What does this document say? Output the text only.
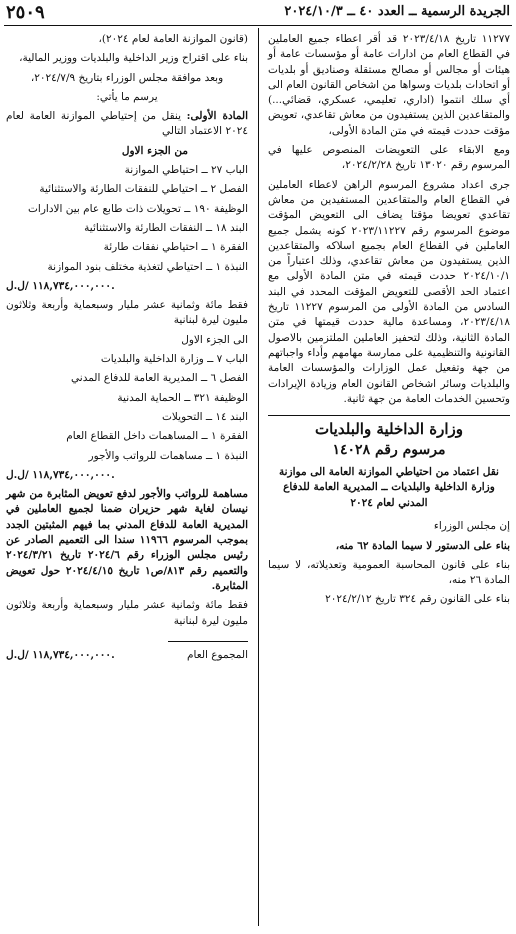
الجريدة الرسمية ــ العدد ٤٠ ــ ٢٠٢٤/١٠/٣
٢٥٠٩

١١٢٧٧ تاريخ ٢٠٢٣/٤/١٨ قد أقر اعطاء جميع العاملين في القطاع العام من ادارات عامة أو مؤسسات عامة أو هيئات أو مجالس أو مصالح مستقلة وصناديق أو بلديات أو اتحادات بلديات وسواها من اشخاص القانون العام الى أي سلك انتموا (اداري، تعليمي، عسكري، قضائي...) والمتقاعدين الذين يستفيدون من معاش تقاعدي، تعويض مؤقت حددت قيمته في متن المادة الأولى،

ومع الابقاء على التعويضات المنصوص عليها في المرسوم رقم ١٣٠٢٠ تاريخ ٢٠٢٤/٢/٢٨،

جرى اعداد مشروع المرسوم الراهن لاعطاء العاملين في القطاع العام والمتقاعدين المستفيدين من معاش تقاعدي تعويضا مؤقتا يضاف الى التعويض المؤقت موضوع المرسوم رقم ٢٠٢٣/١١٢٢٧ كونه يشمل جميع العاملين في القطاع العام بجميع اسلاكه والمتقاعدين الذين يستفيدون من معاش تقاعدي، وذلك اعتباراً من ٢٠٢٤/١٠/١ حددت قيمته في متن المادة الأولى مع اعتماد الحد الأقصى للتعويض المؤقت المحدد في البند السادس من المادة الأولى من المرسوم ١١٢٢٧ تاريخ ٢٠٢٣/٤/١٨، ومساعدة مالية حددت قيمتها في متن المادة الثانية، وذلك لتحفيز العاملين الملتزمين بالاصول القانونية والتنظيمية على ممارسة مهامهم وأداء واجباتهم من جهة وتفعيل عمل الوزارات والمؤسسات العامة والبلديات وسائر اشخاص القانون العام وزيادة الإيرادات وتحسين الخدمات العامة من جهة ثانية.

وزارة الداخلية والبلديات
مرسوم رقم ١٤٠٢٨
نقل اعتماد من احتياطي الموازنة العامة الى موازنة وزارة الداخلية والبلديات ــ المديرية العامة للدفاع المدني لعام ٢٠٢٤

إن مجلس الوزراء

بناء على الدستور لا سيما المادة ٦٢ منه،

بناء على قانون المحاسبة العمومية وتعديلاته، لا سيما المادة ٢٦ منه،

بناء على القانون رقم ٣٢٤ تاريخ ٢٠٢٤/٢/١٢

(قانون الموازنة العامة لعام ٢٠٢٤)،

بناء على اقتراح وزير الداخلية والبلديات ووزير المالية،

وبعد موافقة مجلس الوزراء بتاريخ ٢٠٢٤/٧/٩،

يرسم ما يأتي:

المادة الأولى: ينقل من إحتياطي الموازنة العامة لعام ٢٠٢٤ الاعتماد التالي

من الجزء الاول

الباب ٢٧ ــ احتياطي الموازنة

الفصل ٢ ــ احتياطي للنفقات الطارئة والاستثنائية

الوظيفة ١٩٠ ــ تحويلات ذات طابع عام بين الادارات

البند ١٨ ــ النفقات الطارئة والاستثنائية

الفقرة ١ ــ احتياطي نفقات طارئة

النبذة ١ ــ احتياطي لتغذية مختلف بنود الموازنة

١١٨,٧٣٤,٠٠٠,٠٠٠ /ل.ل.

فقط مائة وثمانية عشر مليار وسبعماية وأربعة وثلاثون مليون ليرة لبنانية

الى الجزء الاول

الباب ٧ ــ وزارة الداخلية والبلديات

الفصل ٦ ــ المديرية العامة للدفاع المدني

الوظيفة ٣٢١ ــ الحماية المدنية

البند ١٤ ــ التحويلات

الفقرة ١ ــ المساهمات داخل القطاع العام

النبذة ١ ــ مساهمات للرواتب والأجور

١١٨,٧٣٤,٠٠٠,٠٠٠ /ل.ل.

مساهمة للرواتب والأجور لدفع تعويض المثابرة من شهر نيسان لغاية شهر حزيران ضمنا لجميع العاملين في المديرية العامة للدفاع المدني بما فيهم المثبتين الجدد بموجب المرسوم ١١٩٦٦ سندا الى التعميم الصادر عن رئيس مجلس الوزراء رقم ٢٠٢٤/٦ تاريخ ٢٠٢٤/٣/٢١ والتعميم رقم ٨١٣/ص١ تاريخ ٢٠٢٤/٤/١٥ حول تعويض المثابرة.

فقط مائة وثمانية عشر مليار وسبعماية وأربعة وثلاثون مليون ليرة لبنانية

المجموع العام
١١٨,٧٣٤,٠٠٠,٠٠٠ /ل.ل.
